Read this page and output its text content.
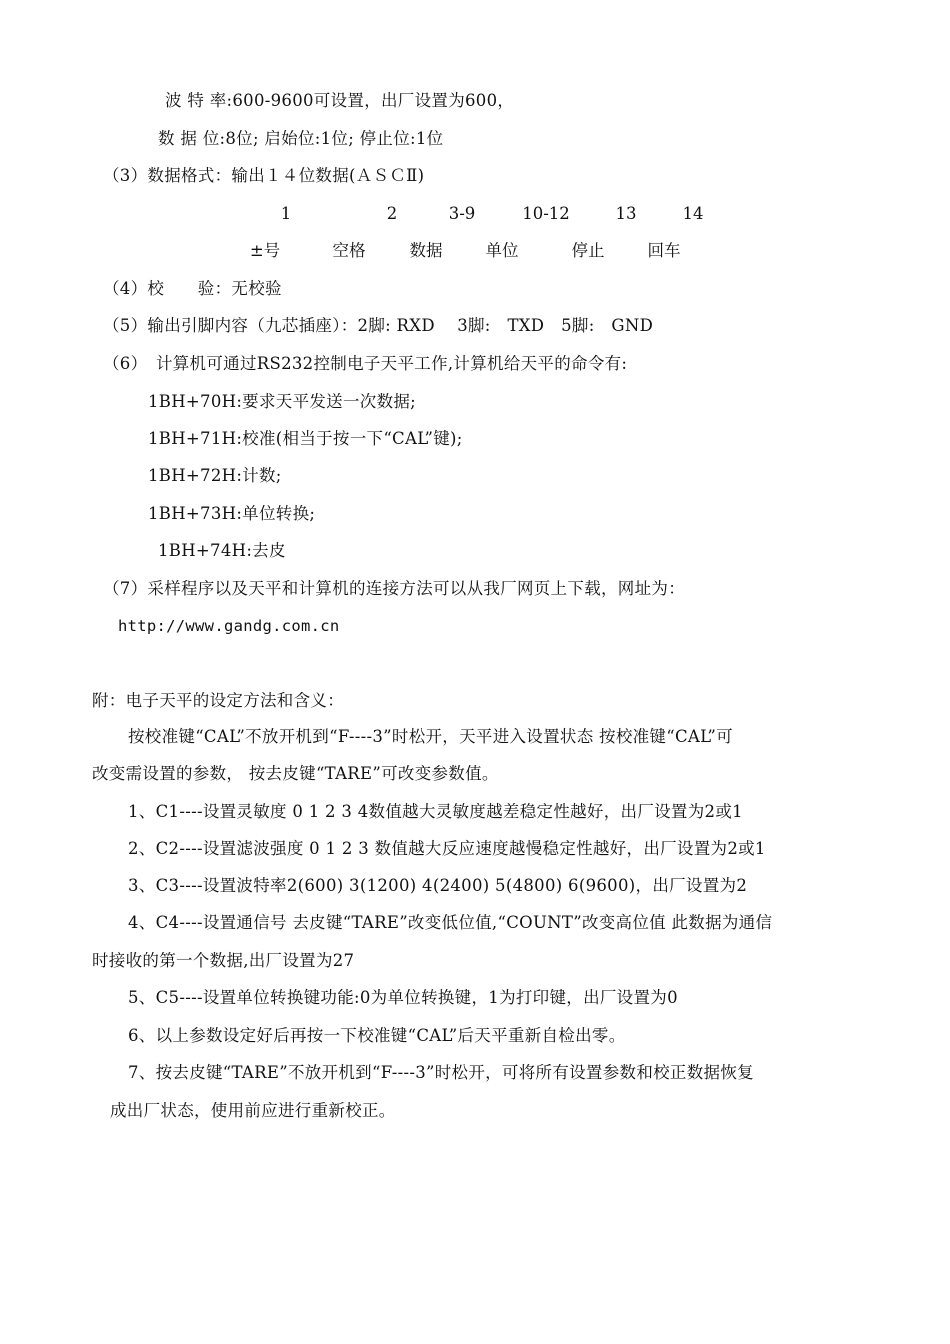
波 特 率:600-9600可设置，出厂设置为600，
数 据 位:8位; 启始位:1位; 停止位:1位
（3）数据格式：输出１４位数据(ＡＳＣⅡ)
1	2	3-9	10-12	13	14
±号	空格	数据	单位	停止	回车
（4）校　　验：无校验
（5）输出引脚内容（九芯插座）：2脚: RXD　 3脚:　TXD　5脚:　GND
（6）　计算机可通过RS232控制电子天平工作,计算机给天平的命令有:
1BH+70H:要求天平发送一次数据;
1BH+71H:校准(相当于按一下“CAL”键);
1BH+72H:计数;
1BH+73H:单位转换;
1BH+74H:去皮
（7）采样程序以及天平和计算机的连接方法可以从我厂网页上下载，网址为：
http://www.gandg.com.cn
附：电子天平的设定方法和含义：
按校准键“CAL”不放开机到“F----3”时松开，天平进入设置状态 按校准键“CAL”可
改变需设置的参数， 按去皮键“TARE”可改变参数值。
1、C1----设置灵敏度 0 1 2 3 4数值越大灵敏度越差稳定性越好，出厂设置为2或1
2、C2----设置滤波强度 0 1 2 3 数值越大反应速度越慢稳定性越好，出厂设置为2或1
3、C3----设置波特率2(600) 3(1200) 4(2400) 5(4800) 6(9600)，出厂设置为2
4、C4----设置通信号 去皮键“TARE”改变低位值,“COUNT”改变高位值 此数据为通信
时接收的第一个数据,出厂设置为27
5、C5----设置单位转换键功能:0为单位转换键，1为打印键，出厂设置为0
6、以上参数设定好后再按一下校准键“CAL”后天平重新自检出零。
7、按去皮键“TARE”不放开机到“F----3”时松开，可将所有设置参数和校正数据恢复
成出厂状态，使用前应进行重新校正。
